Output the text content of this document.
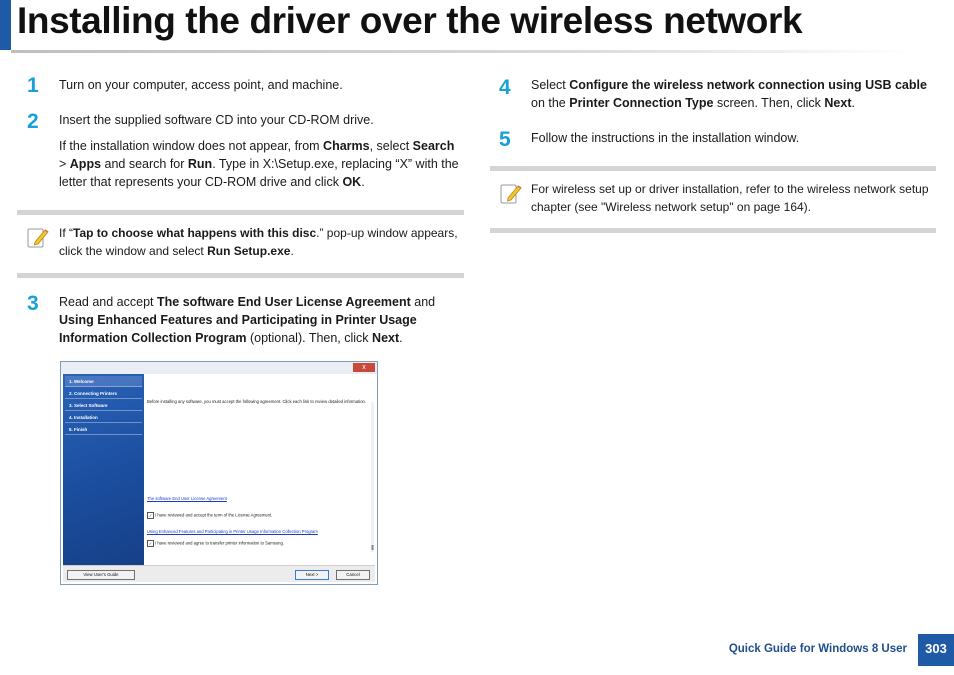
Installing the driver over the wireless network
1 Turn on your computer, access point, and machine.
2 Insert the supplied software CD into your CD-ROM drive.
If the installation window does not appear, from Charms, select Search > Apps and search for Run. Type in X:\Setup.exe, replacing “X” with the letter that represents your CD-ROM drive and click OK.
If “Tap to choose what happens with this disc.” pop-up window appears, click the window and select Run Setup.exe.
3 Read and accept The software End User License Agreement and Using Enhanced Features and Participating in Printer Usage Information Collection Program (optional). Then, click Next.
x
1. Welcome
2. Connecting Printers
3. Select Software
4. Installation
5. Finish
Before installing any software, you must accept the following agreement. Click each link to review detailed information.
The software End User License Agreement
✓ I have reviewed and accept the term of the License Agreement.
Using Enhanced Features and Participating in Printer Usage Information Collection Program
✓ I have reviewed and agree to transfer printer information to Samsung.
View User's Guide	Next >	Cancel
4 Select Configure the wireless network connection using USB cable on the Printer Connection Type screen. Then, click Next.
5 Follow the instructions in the installation window.
For wireless set up or driver installation, refer to the wireless network setup chapter (see "Wireless network setup" on page 164).
Quick Guide for Windows 8 User	303
